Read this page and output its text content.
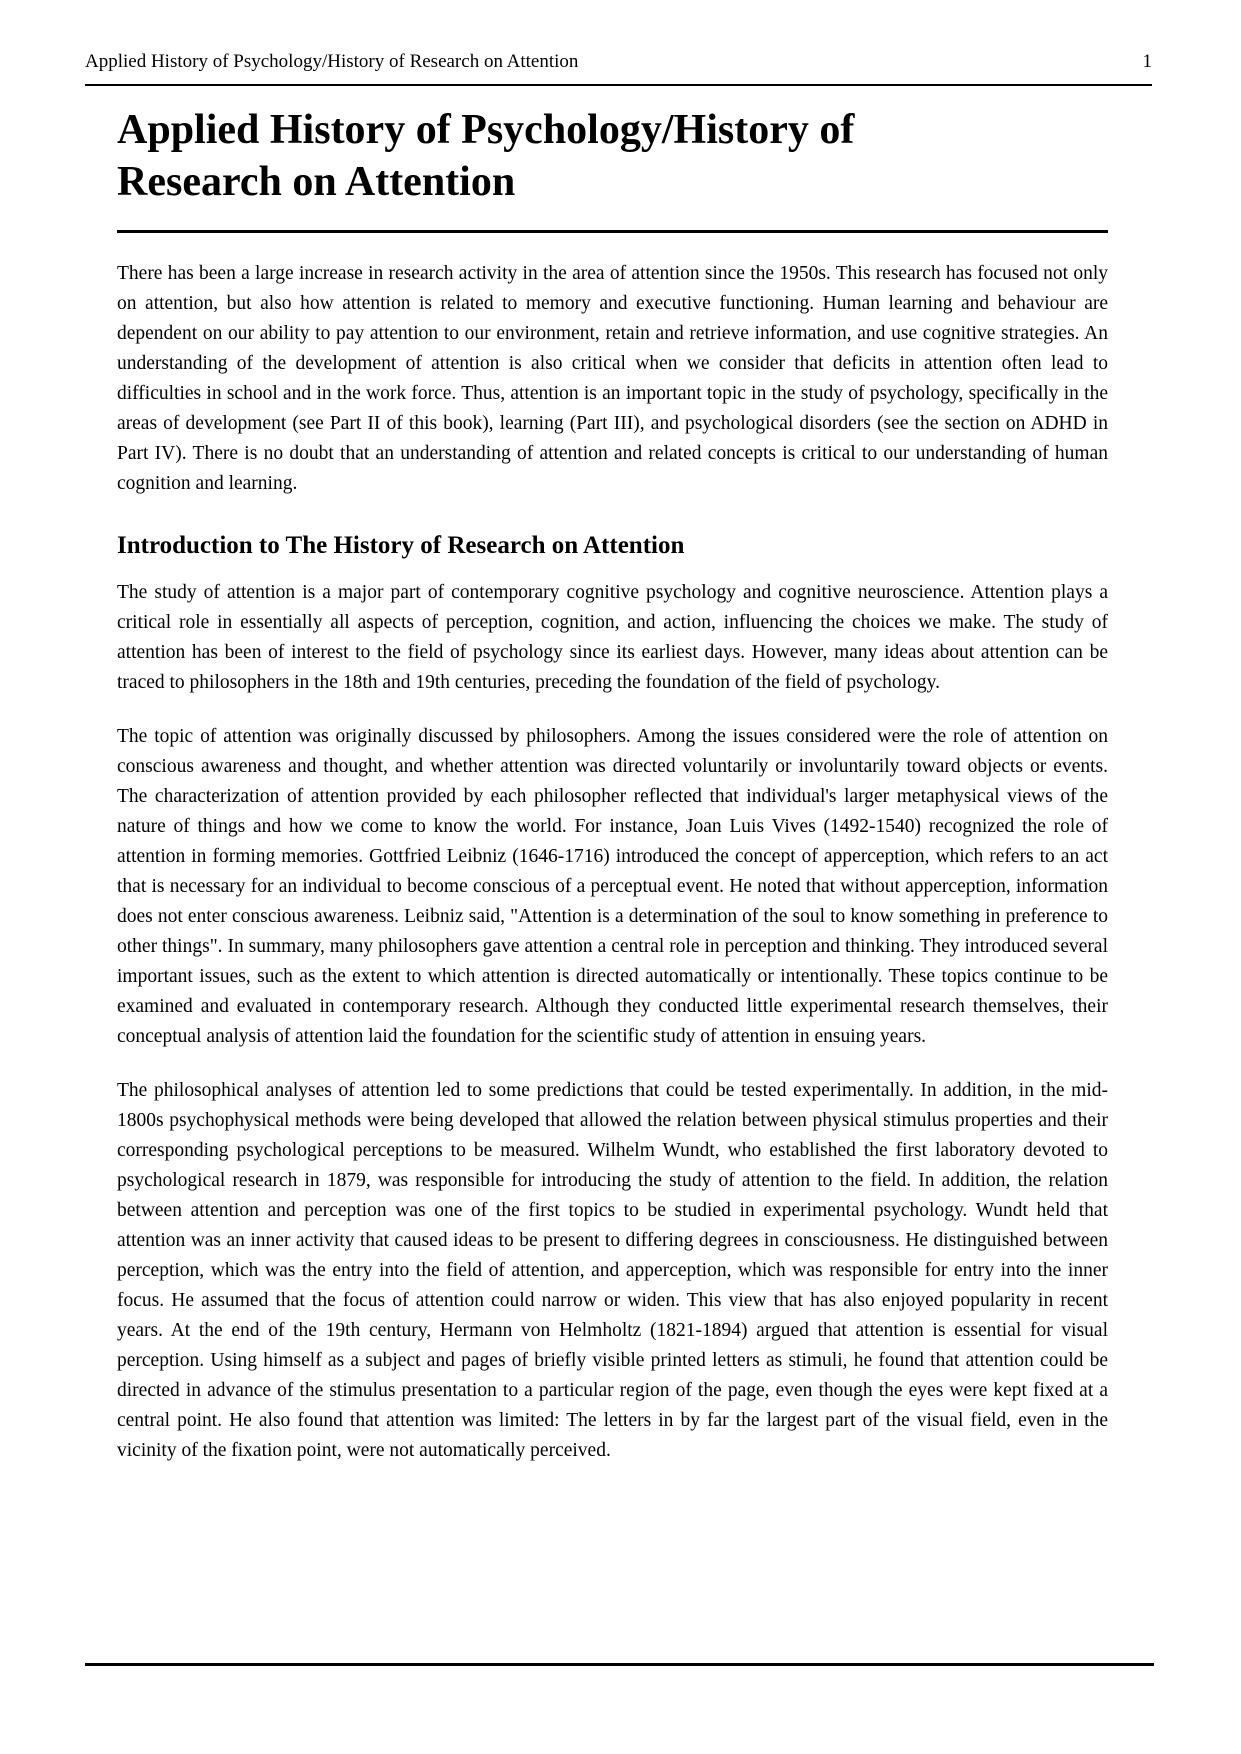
Applied History of Psychology/History of Research on Attention	1
Applied History of Psychology/History of
Research on Attention

There has been a large increase in research activity in the area of attention since the 1950s. This research has focused not only on attention, but also how attention is related to memory and executive functioning. Human learning and behaviour are dependent on our ability to pay attention to our environment, retain and retrieve information, and use cognitive strategies. An understanding of the development of attention is also critical when we consider that deficits in attention often lead to difficulties in school and in the work force. Thus, attention is an important topic in the study of psychology, specifically in the areas of development (see Part II of this book), learning (Part III), and psychological disorders (see the section on ADHD in Part IV). There is no doubt that an understanding of attention and related concepts is critical to our understanding of human cognition and learning.

Introduction to The History of Research on Attention

The study of attention is a major part of contemporary cognitive psychology and cognitive neuroscience. Attention plays a critical role in essentially all aspects of perception, cognition, and action, influencing the choices we make. The study of attention has been of interest to the field of psychology since its earliest days. However, many ideas about attention can be traced to philosophers in the 18th and 19th centuries, preceding the foundation of the field of psychology.

The topic of attention was originally discussed by philosophers. Among the issues considered were the role of attention on conscious awareness and thought, and whether attention was directed voluntarily or involuntarily toward objects or events. The characterization of attention provided by each philosopher reflected that individual's larger metaphysical views of the nature of things and how we come to know the world. For instance, Joan Luis Vives (1492-1540) recognized the role of attention in forming memories. Gottfried Leibniz (1646-1716) introduced the concept of apperception, which refers to an act that is necessary for an individual to become conscious of a perceptual event. He noted that without apperception, information does not enter conscious awareness. Leibniz said, "Attention is a determination of the soul to know something in preference to other things". In summary, many philosophers gave attention a central role in perception and thinking. They introduced several important issues, such as the extent to which attention is directed automatically or intentionally. These topics continue to be examined and evaluated in contemporary research. Although they conducted little experimental research themselves, their conceptual analysis of attention laid the foundation for the scientific study of attention in ensuing years.

The philosophical analyses of attention led to some predictions that could be tested experimentally. In addition, in the mid-1800s psychophysical methods were being developed that allowed the relation between physical stimulus properties and their corresponding psychological perceptions to be measured. Wilhelm Wundt, who established the first laboratory devoted to psychological research in 1879, was responsible for introducing the study of attention to the field. In addition, the relation between attention and perception was one of the first topics to be studied in experimental psychology. Wundt held that attention was an inner activity that caused ideas to be present to differing degrees in consciousness. He distinguished between perception, which was the entry into the field of attention, and apperception, which was responsible for entry into the inner focus. He assumed that the focus of attention could narrow or widen. This view that has also enjoyed popularity in recent years. At the end of the 19th century, Hermann von Helmholtz (1821-1894) argued that attention is essential for visual perception. Using himself as a subject and pages of briefly visible printed letters as stimuli, he found that attention could be directed in advance of the stimulus presentation to a particular region of the page, even though the eyes were kept fixed at a central point. He also found that attention was limited: The letters in by far the largest part of the visual field, even in the vicinity of the fixation point, were not automatically perceived.
